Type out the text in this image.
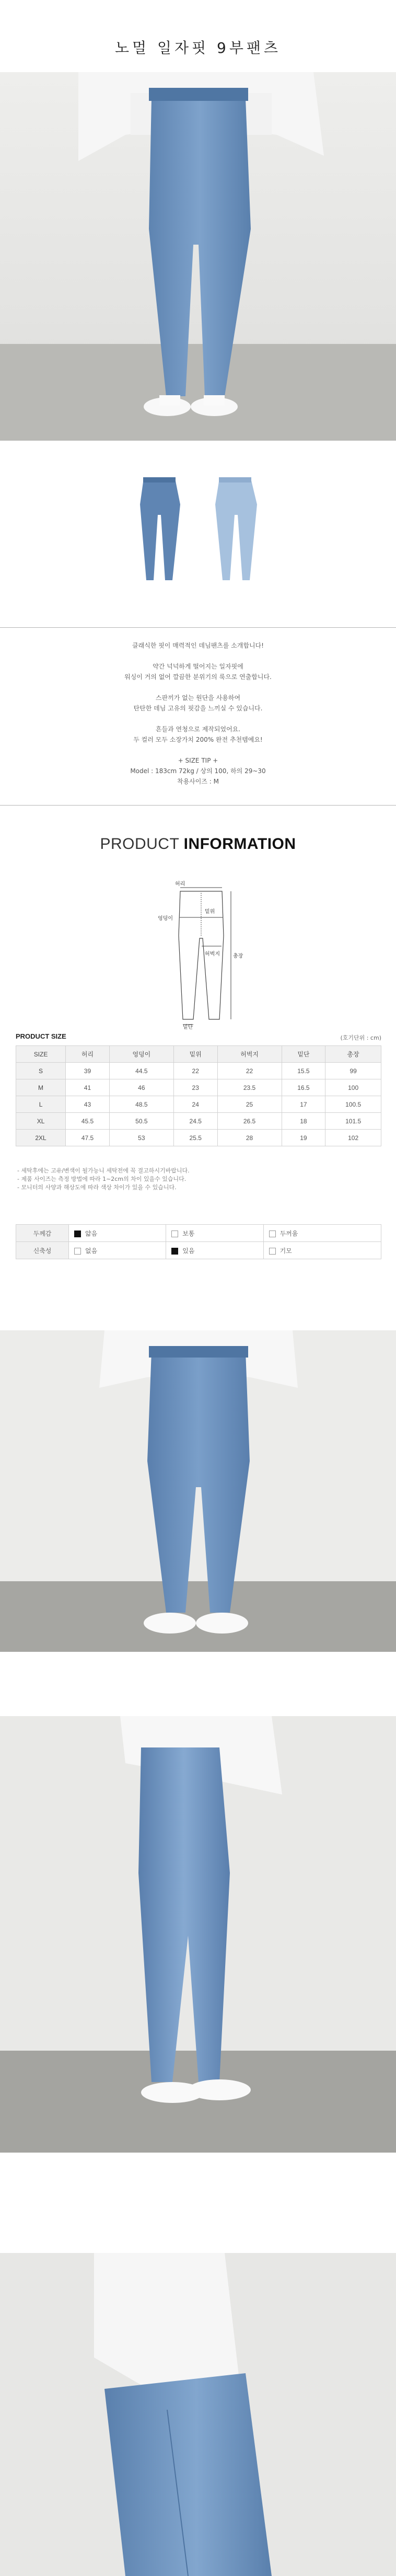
노멀 일자핏 9부팬츠

클래식한 핏이 매력적인 데님팬츠를 소개합니다!

약간 넉넉하게 떨어지는 일자핏에
워싱이 거의 없어 깔끔한 분위기의 룩으로 연출합니다.

스판끼가 없는 원단을 사용하여
탄탄한 데님 고유의 핏감을 느끼실 수 있습니다.

흔들과 연청으로 제작되었어요.
두 컬러 모두 소장가치 200% 완전 추천템예요!

+ SIZE TIP +
Model : 183cm 72kg / 상의 100, 하의 29~30
착용사이즈 : M

PRODUCT INFORMATION
허리
밑위
엉덩이
허벅지	총장
밑단
PRODUCT SIZE	(호기단위 : cm)
SIZE	허리	엉덩이	밑위	허벅지	밑단	총장
S	39	44.5	22	22	15.5	99
M	41	46	23	23.5	16.5	100
L	43	48.5	24	25	17	100.5
XL	45.5	50.5	24.5	26.5	18	101.5
2XL	47.5	53	25.5	28	19	102
- 세탁후에는 고유/변색이 될가능니 세탁전에 꼭 결고하시기바랍니다.
- 제품 사이즈는 측정 방법에 따라 1~2cm의 차이 있을수 있습니다.
- 모니터의 사양과 해상도에 따라 색상 차이가 있을 수 있습니다.
두께감	얇음	보통	두꺼움
신축성	없음	있음	기모
